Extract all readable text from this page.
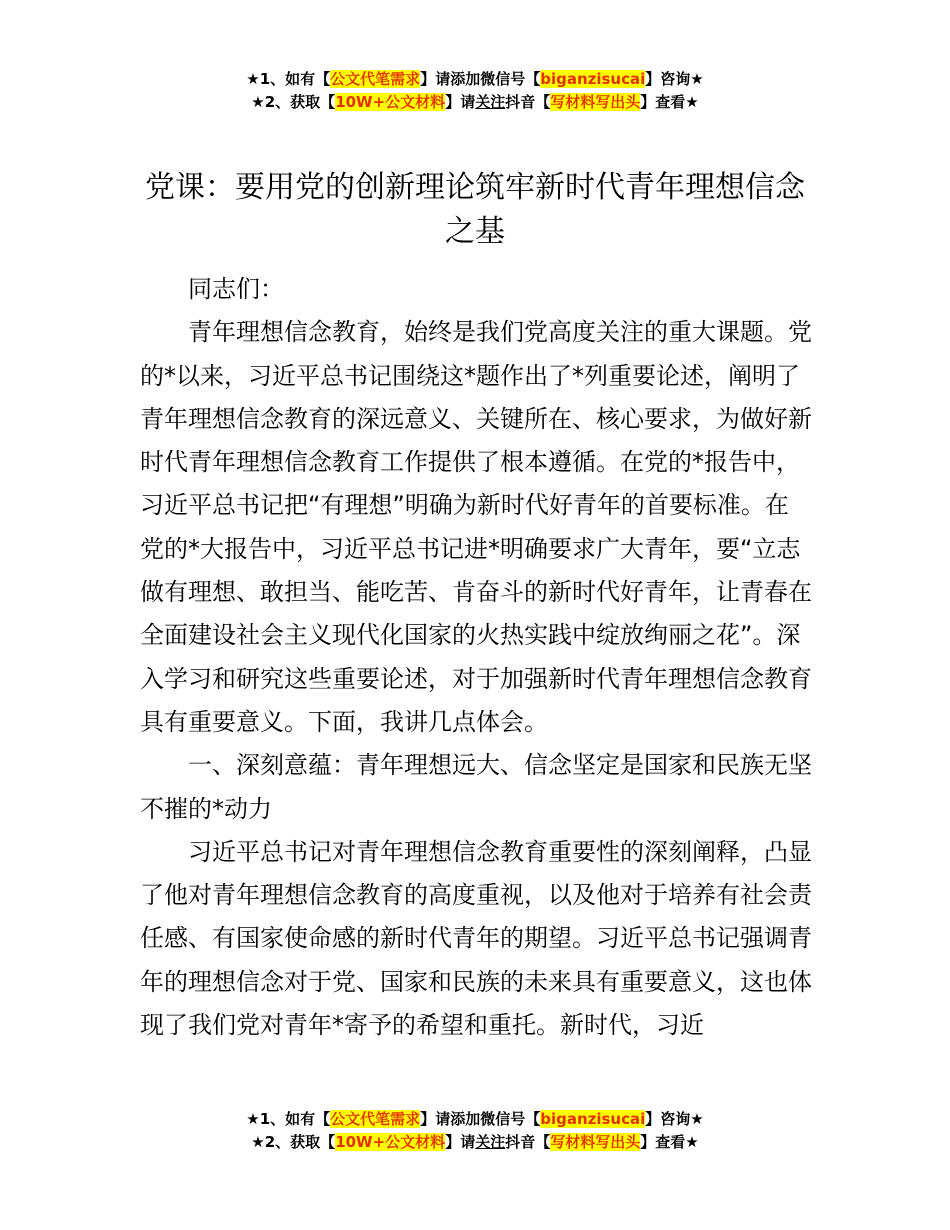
★1、如有【公文代笔需求】请添加微信号【biganzisucai】咨询★
★2、获取【10W+公文材料】请关注抖音【写材料写出头】查看★
党课：要用党的创新理论筑牢新时代青年理想信念之基

同志们：

青年理想信念教育，始终是我们党高度关注的重大课题。党的*以来，习近平总书记围绕这*题作出了*列重要论述，阐明了青年理想信念教育的深远意义、关键所在、核心要求，为做好新时代青年理想信念教育工作提供了根本遵循。在党的*报告中，习近平总书记把“有理想”明确为新时代好青年的首要标准。在党的*大报告中，习近平总书记进*明确要求广大青年，要“立志做有理想、敢担当、能吃苦、肯奋斗的新时代好青年，让青春在全面建设社会主义现代化国家的火热实践中绽放绚丽之花”。深入学习和研究这些重要论述，对于加强新时代青年理想信念教育具有重要意义。下面，我讲几点体会。

一、深刻意蕴：青年理想远大、信念坚定是国家和民族无坚不摧的*动力

习近平总书记对青年理想信念教育重要性的深刻阐释，凸显了他对青年理想信念教育的高度重视，以及他对于培养有社会责任感、有国家使命感的新时代青年的期望。习近平总书记强调青年的理想信念对于党、国家和民族的未来具有重要意义，这也体现了我们党对青年*寄予的希望和重托。新时代，习近

★1、如有【公文代笔需求】请添加微信号【biganzisucai】咨询★
★2、获取【10W+公文材料】请关注抖音【写材料写出头】查看★
